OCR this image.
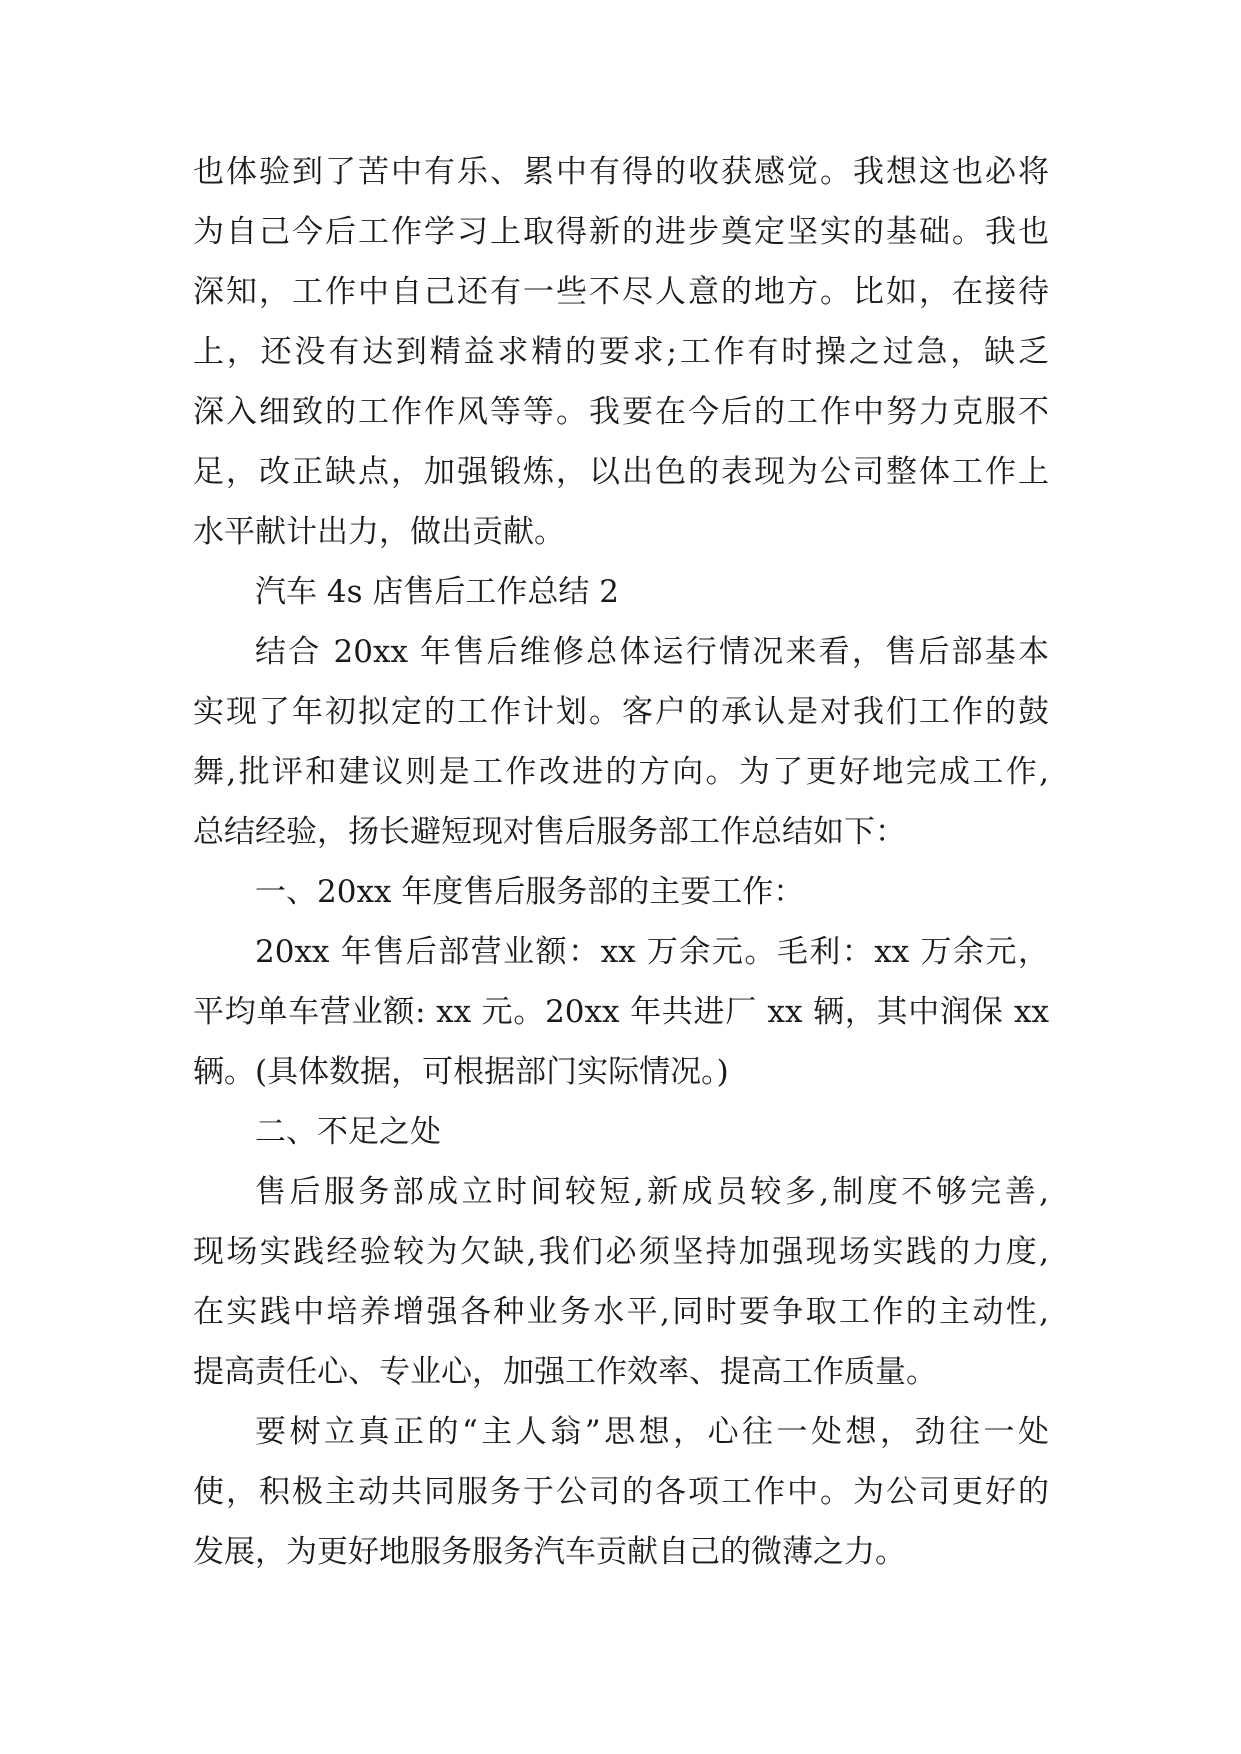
也体验到了苦中有乐、累中有得的收获感觉。我想这也必将
为自己今后工作学习上取得新的进步奠定坚实的基础。我也
深知，工作中自己还有一些不尽人意的地方。比如，在接待
上，还没有达到精益求精的要求;工作有时操之过急，缺乏
深入细致的工作作风等等。我要在今后的工作中努力克服不
足，改正缺点，加强锻炼，以出色的表现为公司整体工作上
水平献计出力，做出贡献。
汽车 4s 店售后工作总结 2
结合 20xx 年售后维修总体运行情况来看，售后部基本
实现了年初拟定的工作计划。客户的承认是对我们工作的鼓
舞,批评和建议则是工作改进的方向。为了更好地完成工作,
总结经验，扬长避短现对售后服务部工作总结如下：
一、20xx 年度售后服务部的主要工作：
20xx 年售后部营业额：xx 万余元。毛利：xx 万余元，
平均单车营业额: xx 元。20xx 年共进厂 xx 辆，其中润保 xx
辆。(具体数据，可根据部门实际情况。)
二、不足之处
售后服务部成立时间较短,新成员较多,制度不够完善,
现场实践经验较为欠缺,我们必须坚持加强现场实践的力度,
在实践中培养增强各种业务水平,同时要争取工作的主动性,
提高责任心、专业心，加强工作效率、提高工作质量。
要树立真正的“主人翁”思想，心往一处想，劲往一处
使，积极主动共同服务于公司的各项工作中。为公司更好的
发展，为更好地服务服务汽车贡献自己的微薄之力。
